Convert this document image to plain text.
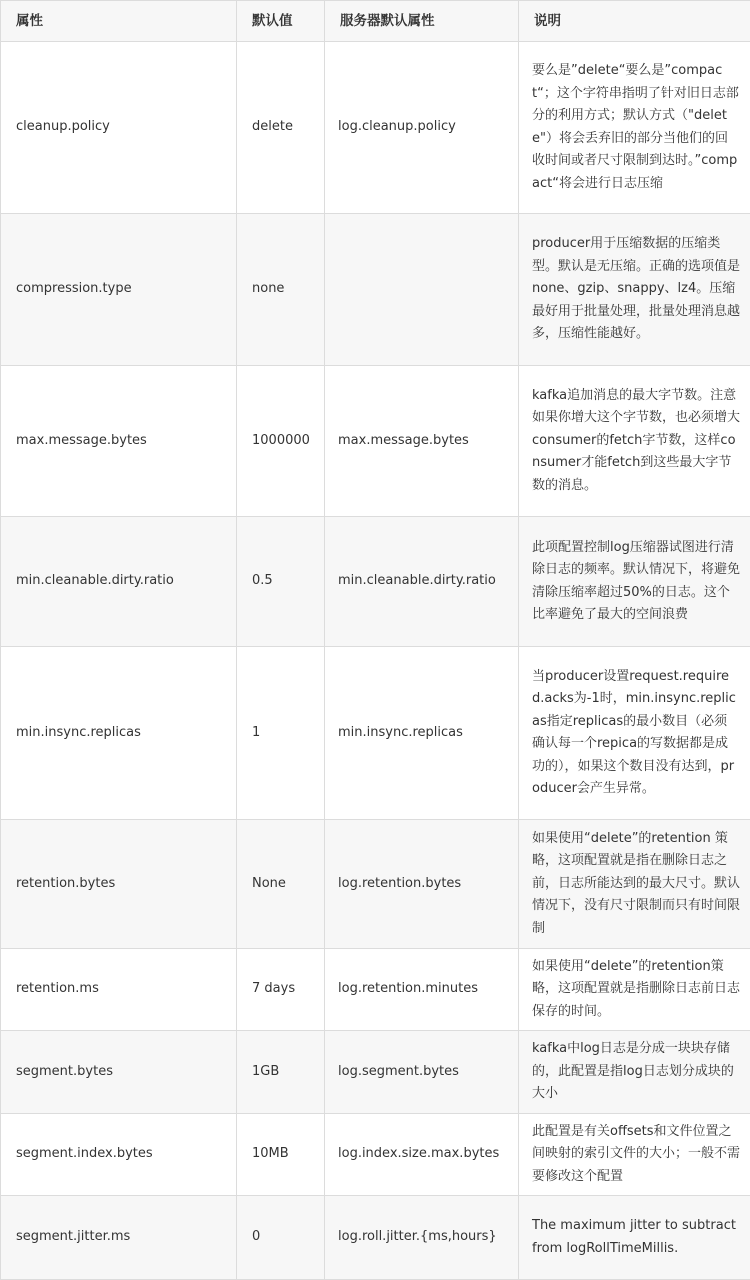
属性	默认值	服务器默认属性	说明
cleanup.policy	delete	log.cleanup.policy	要么是”delete“要么是”compact“；这个字符串指明了针对旧日志部分的利用方式；默认方式（"delete"）将会丢弃旧的部分当他们的回收时间或者尺寸限制到达时。”compact“将会进行日志压缩
compression.type	none		producer用于压缩数据的压缩类型。默认是无压缩。正确的选项值是none、gzip、snappy、lz4。压缩最好用于批量处理，批量处理消息越多，压缩性能越好。
max.message.bytes	1000000	max.message.bytes	kafka追加消息的最大字节数。注意如果你增大这个字节数，也必须增大consumer的fetch字节数，这样consumer才能fetch到这些最大字节数的消息。
min.cleanable.dirty.ratio	0.5	min.cleanable.dirty.ratio	此项配置控制log压缩器试图进行清除日志的频率。默认情况下，将避免清除压缩率超过50%的日志。这个比率避免了最大的空间浪费
min.insync.replicas	1	min.insync.replicas	当producer设置request.required.acks为-1时，min.insync.replicas指定replicas的最小数目（必须确认每一个repica的写数据都是成功的），如果这个数目没有达到，producer会产生异常。
retention.bytes	None	log.retention.bytes	如果使用“delete”的retention 策略，这项配置就是指在删除日志之前，日志所能达到的最大尺寸。默认情况下，没有尺寸限制而只有时间限制
retention.ms	7 days	log.retention.minutes	如果使用“delete”的retention策略，这项配置就是指删除日志前日志保存的时间。
segment.bytes	1GB	log.segment.bytes	kafka中log日志是分成一块块存储的，此配置是指log日志划分成块的大小
segment.index.bytes	10MB	log.index.size.max.bytes	此配置是有关offsets和文件位置之间映射的索引文件的大小；一般不需要修改这个配置
segment.jitter.ms	0	log.roll.jitter.{ms,hours}	The maximum jitter to subtract from logRollTimeMillis.
